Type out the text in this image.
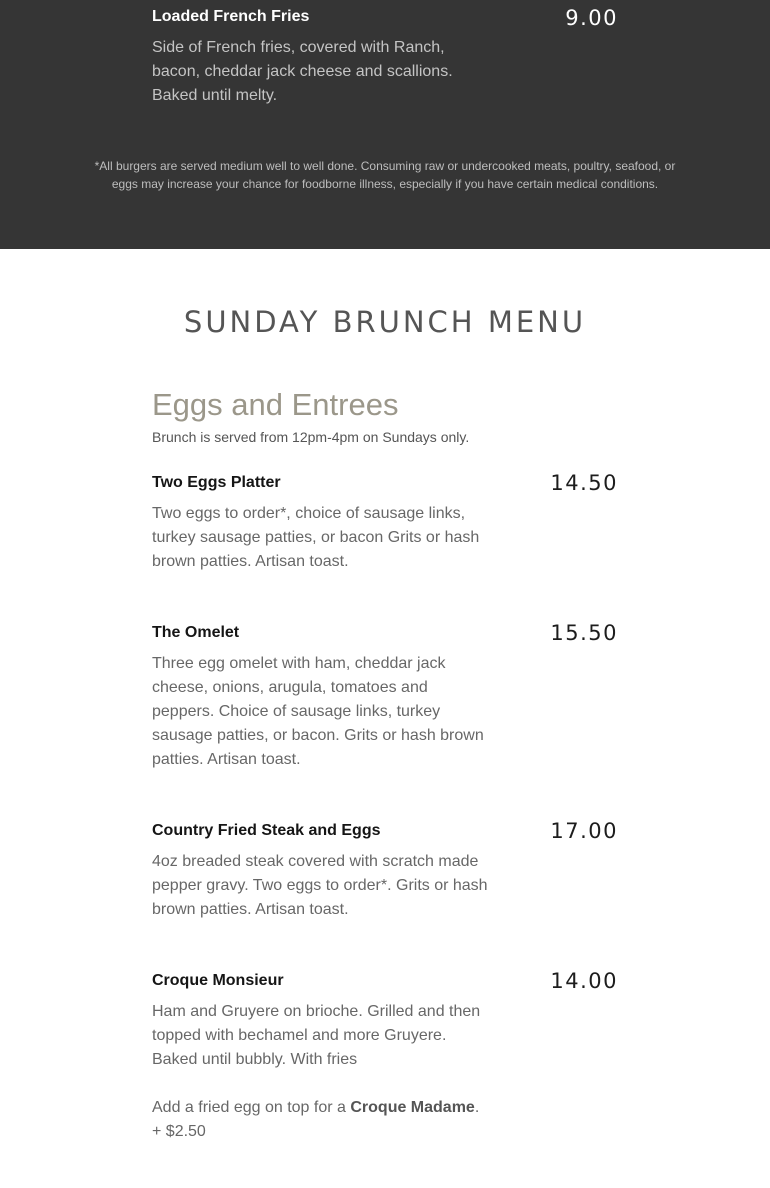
Loaded French Fries	9.00
Side of French fries, covered with Ranch, bacon, cheddar jack cheese and scallions. Baked until melty.
*All burgers are served medium well to well done. Consuming raw or undercooked meats, poultry, seafood, or eggs may increase your chance for foodborne illness, especially if you have certain medical conditions.
SUNDAY BRUNCH MENU
Eggs and Entrees
Brunch is served from 12pm-4pm on Sundays only.
Two Eggs Platter	14.50
Two eggs to order*, choice of sausage links, turkey sausage patties, or bacon Grits or hash brown patties. Artisan toast.
The Omelet	15.50
Three egg omelet with ham, cheddar jack cheese, onions, arugula, tomatoes and peppers. Choice of sausage links, turkey sausage patties, or bacon. Grits or hash brown patties. Artisan toast.
Country Fried Steak and Eggs	17.00
4oz breaded steak covered with scratch made pepper gravy. Two eggs to order*. Grits or hash brown patties. Artisan toast.
Croque Monsieur	14.00
Ham and Gruyere on brioche. Grilled and then topped with bechamel and more Gruyere. Baked until bubbly. With fries
Add a fried egg on top for a Croque Madame. + $2.50
